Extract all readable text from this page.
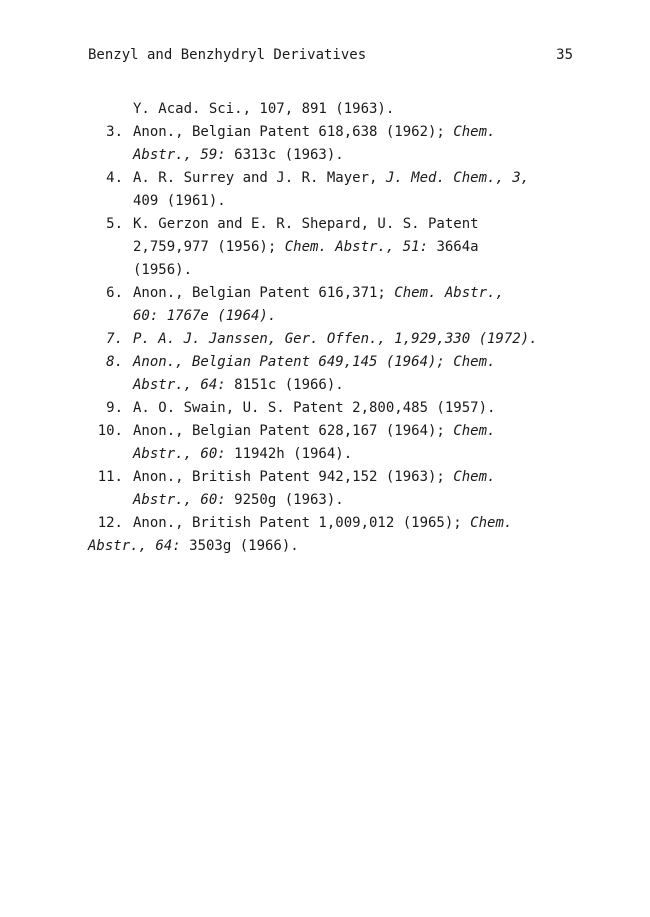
Benzyl and Benzhydryl Derivatives	35
Y. Acad. Sci., 107, 891 (1963).
3. Anon., Belgian Patent 618,638 (1962); Chem.
Abstr., 59: 6313c (1963).
4. A. R. Surrey and J. R. Mayer, J. Med. Chem., 3,
409 (1961).
5. K. Gerzon and E. R. Shepard, U. S. Patent
2,759,977 (1956); Chem. Abstr., 51: 3664a
(1956).
6. Anon., Belgian Patent 616,371; Chem. Abstr.,
60: 1767e (1964).
7. P. A. J. Janssen, Ger. Offen., 1,929,330 (1972).
8. Anon., Belgian Patent 649,145 (1964); Chem.
Abstr., 64: 8151c (1966).
9. A. O. Swain, U. S. Patent 2,800,485 (1957).
10. Anon., Belgian Patent 628,167 (1964); Chem.
Abstr., 60: 11942h (1964).
11. Anon., British Patent 942,152 (1963); Chem.
Abstr., 60: 9250g (1963).
12. Anon., British Patent 1,009,012 (1965); Chem.
Abstr., 64: 3503g (1966).
